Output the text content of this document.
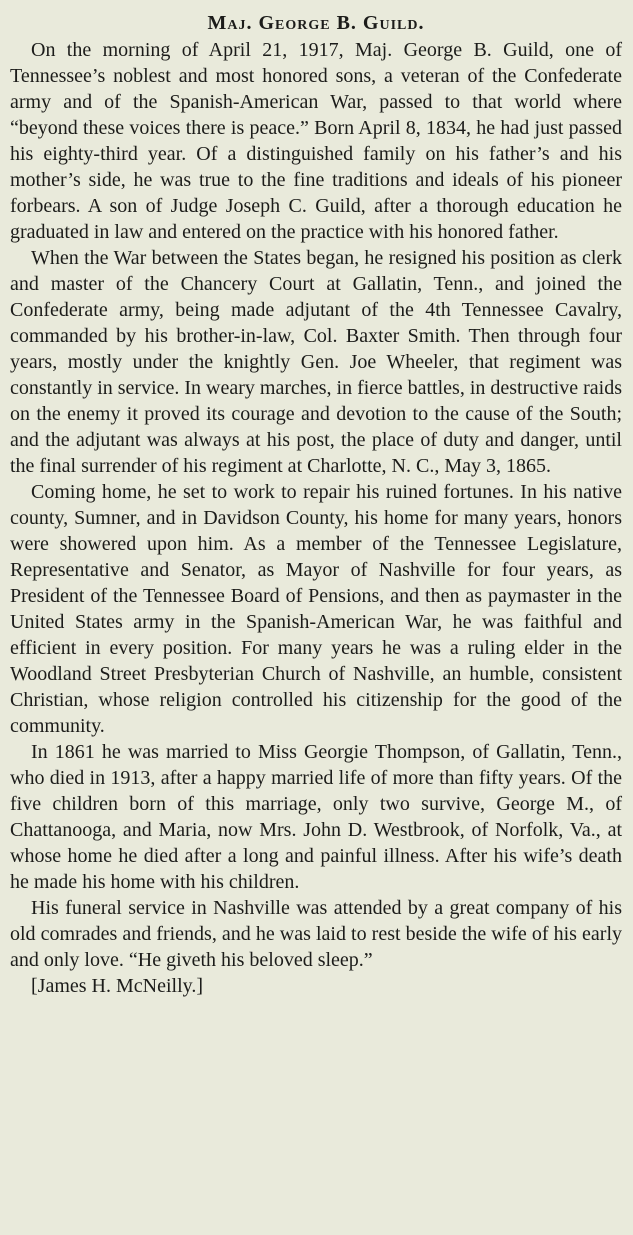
Maj. George B. Guild.

On the morning of April 21, 1917, Maj. George B. Guild, one of Tennessee’s noblest and most honored sons, a veteran of the Confederate army and of the Spanish-American War, passed to that world where “beyond these voices there is peace.” Born April 8, 1834, he had just passed his eighty-third year. Of a distinguished family on his father’s and his mother’s side, he was true to the fine traditions and ideals of his pioneer forbears. A son of Judge Joseph C. Guild, after a thorough education he graduated in law and entered on the practice with his honored father.

When the War between the States began, he resigned his position as clerk and master of the Chancery Court at Gallatin, Tenn., and joined the Confederate army, being made adjutant of the 4th Tennessee Cavalry, commanded by his brother-in-law, Col. Baxter Smith. Then through four years, mostly under the knightly Gen. Joe Wheeler, that regiment was constantly in service. In weary marches, in fierce battles, in destructive raids on the enemy it proved its courage and devotion to the cause of the South; and the adjutant was always at his post, the place of duty and danger, until the final surrender of his regiment at Charlotte, N. C., May 3, 1865.

Coming home, he set to work to repair his ruined fortunes. In his native county, Sumner, and in Davidson County, his home for many years, honors were showered upon him. As a member of the Tennessee Legislature, Representative and Senator, as Mayor of Nashville for four years, as President of the Tennessee Board of Pensions, and then as paymaster in the United States army in the Spanish-American War, he was faithful and efficient in every position. For many years he was a ruling elder in the Woodland Street Presbyterian Church of Nashville, an humble, consistent Christian, whose religion controlled his citizenship for the good of the community.

In 1861 he was married to Miss Georgie Thompson, of Gallatin, Tenn., who died in 1913, after a happy married life of more than fifty years. Of the five children born of this marriage, only two survive, George M., of Chattanooga, and Maria, now Mrs. John D. Westbrook, of Norfolk, Va., at whose home he died after a long and painful illness. After his wife’s death he made his home with his children.

His funeral service in Nashville was attended by a great company of his old comrades and friends, and he was laid to rest beside the wife of his early and only love. “He giveth his beloved sleep.”

[James H. McNeilly.]
